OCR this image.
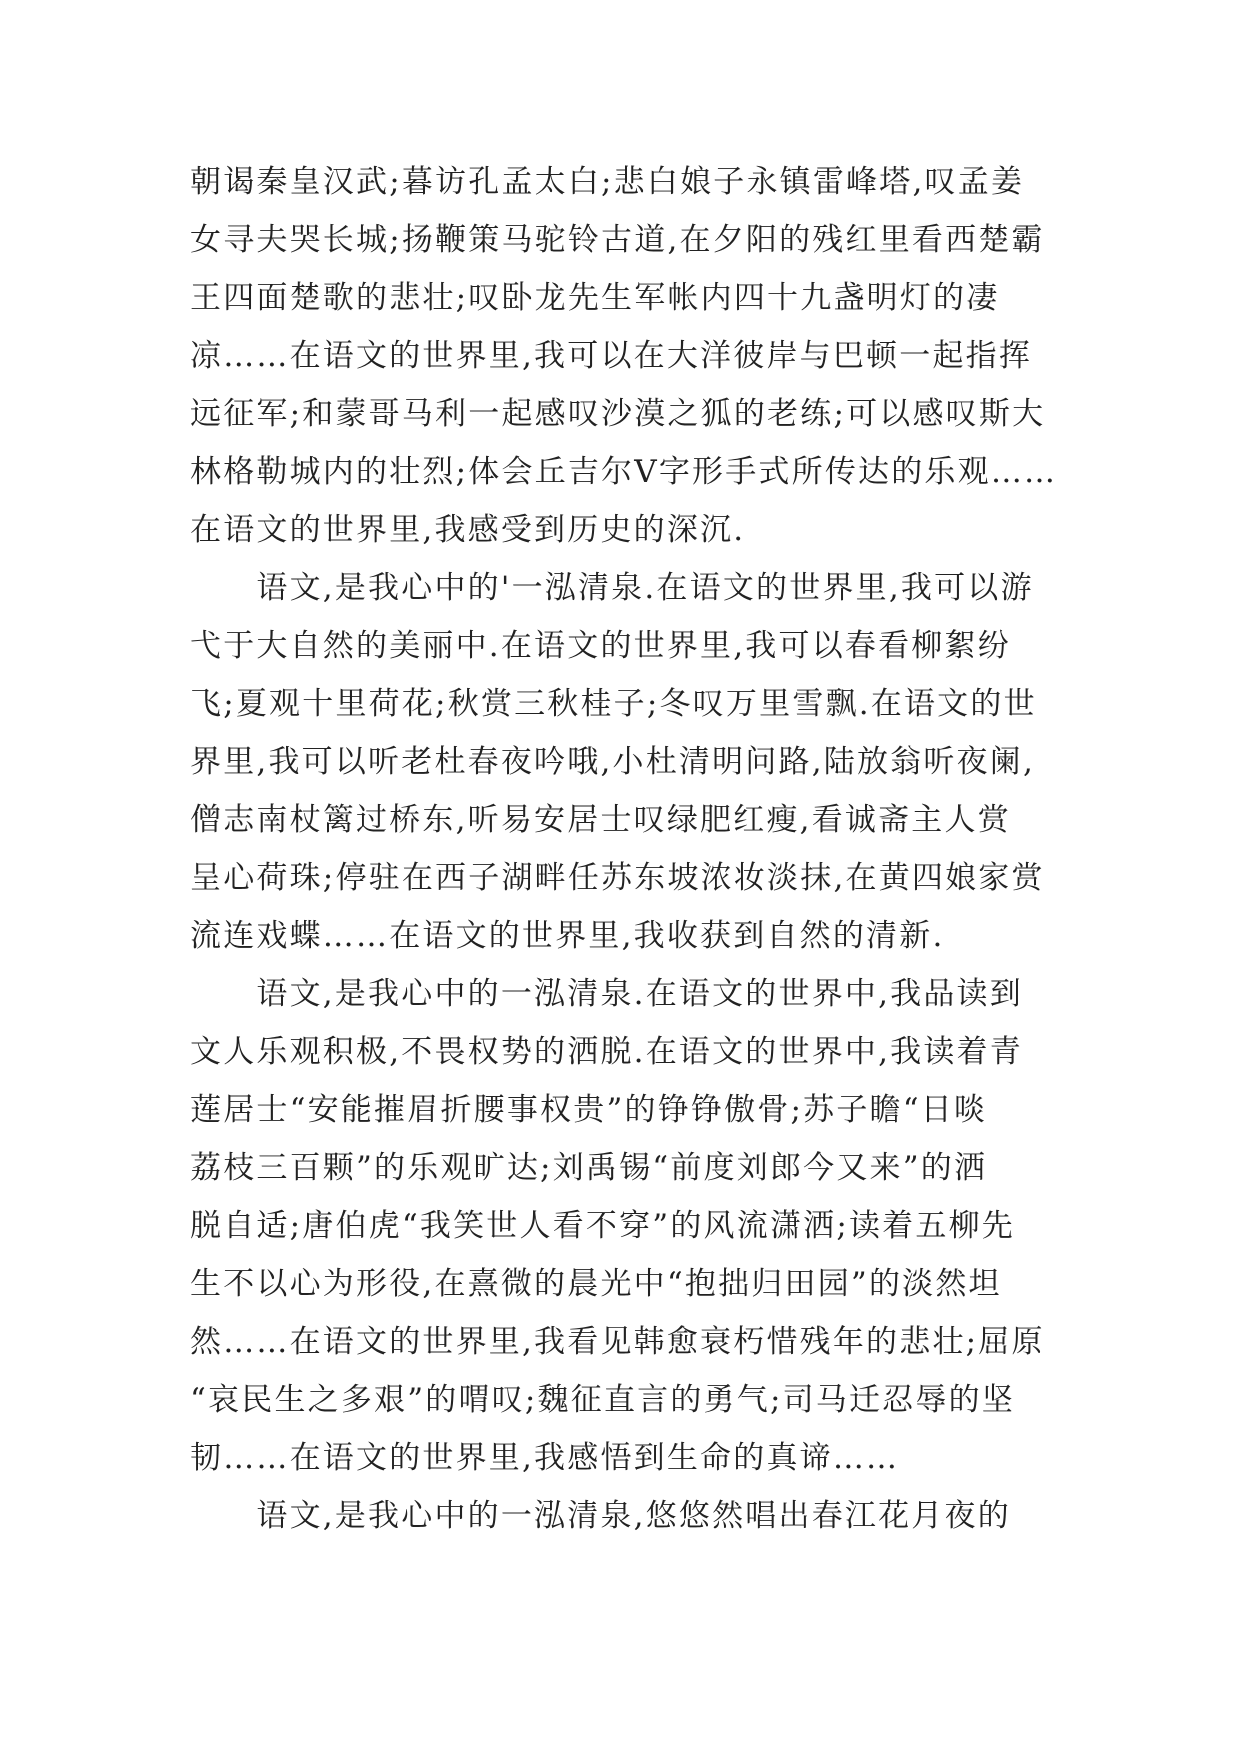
朝谒秦皇汉武;暮访孔孟太白;悲白娘子永镇雷峰塔,叹孟姜
女寻夫哭长城;扬鞭策马驼铃古道,在夕阳的残红里看西楚霸
王四面楚歌的悲壮;叹卧龙先生军帐内四十九盏明灯的凄
凉……在语文的世界里,我可以在大洋彼岸与巴顿一起指挥
远征军;和蒙哥马利一起感叹沙漠之狐的老练;可以感叹斯大
林格勒城内的壮烈;体会丘吉尔V字形手式所传达的乐观……
在语文的世界里,我感受到历史的深沉.
　　语文,是我心中的'一泓清泉.在语文的世界里,我可以游
弋于大自然的美丽中.在语文的世界里,我可以春看柳絮纷
飞;夏观十里荷花;秋赏三秋桂子;冬叹万里雪飘.在语文的世
界里,我可以听老杜春夜吟哦,小杜清明问路,陆放翁听夜阑,
僧志南杖篱过桥东,听易安居士叹绿肥红瘦,看诚斋主人赏
呈心荷珠;停驻在西子湖畔任苏东坡浓妆淡抹,在黄四娘家赏
流连戏蝶……在语文的世界里,我收获到自然的清新.
　　语文,是我心中的一泓清泉.在语文的世界中,我品读到
文人乐观积极,不畏权势的洒脱.在语文的世界中,我读着青
莲居士“安能摧眉折腰事权贵”的铮铮傲骨;苏子瞻“日啖
荔枝三百颗”的乐观旷达;刘禹锡“前度刘郎今又来”的洒
脱自适;唐伯虎“我笑世人看不穿”的风流潇洒;读着五柳先
生不以心为形役,在熹微的晨光中“抱拙归田园”的淡然坦
然……在语文的世界里,我看见韩愈衰朽惜残年的悲壮;屈原
“哀民生之多艰”的喟叹;魏征直言的勇气;司马迁忍辱的坚
韧……在语文的世界里,我感悟到生命的真谛……
　　语文,是我心中的一泓清泉,悠悠然唱出春江花月夜的
